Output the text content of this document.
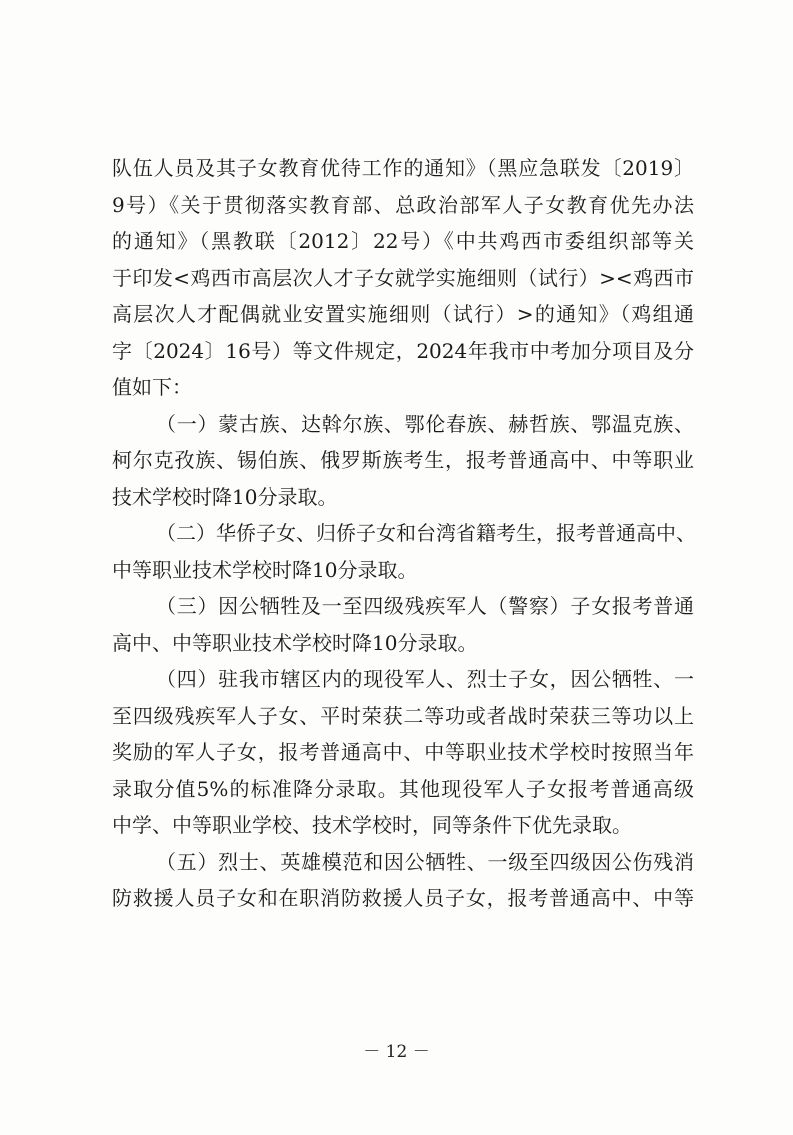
队伍人员及其子女教育优待工作的通知》（黑应急联发〔2019〕
9号）《关于贯彻落实教育部、总政治部军人子女教育优先办法
的通知》（黑教联〔2012〕22号）《中共鸡西市委组织部等关
于印发<鸡西市高层次人才子女就学实施细则（试行）><鸡西市
高层次人才配偶就业安置实施细则（试行）>的通知》（鸡组通
字〔2024〕16号）等文件规定，2024年我市中考加分项目及分
值如下：
（一）蒙古族、达斡尔族、鄂伦春族、赫哲族、鄂温克族、
柯尔克孜族、锡伯族、俄罗斯族考生，报考普通高中、中等职业
技术学校时降10分录取。
（二）华侨子女、归侨子女和台湾省籍考生，报考普通高中、
中等职业技术学校时降10分录取。
（三）因公牺牲及一至四级残疾军人（警察）子女报考普通
高中、中等职业技术学校时降10分录取。
（四）驻我市辖区内的现役军人、烈士子女，因公牺牲、一
至四级残疾军人子女、平时荣获二等功或者战时荣获三等功以上
奖励的军人子女，报考普通高中、中等职业技术学校时按照当年
录取分值5%的标准降分录取。其他现役军人子女报考普通高级
中学、中等职业学校、技术学校时，同等条件下优先录取。
（五）烈士、英雄模范和因公牺牲、一级至四级因公伤残消
防救援人员子女和在职消防救援人员子女，报考普通高中、中等
－ 12 －
